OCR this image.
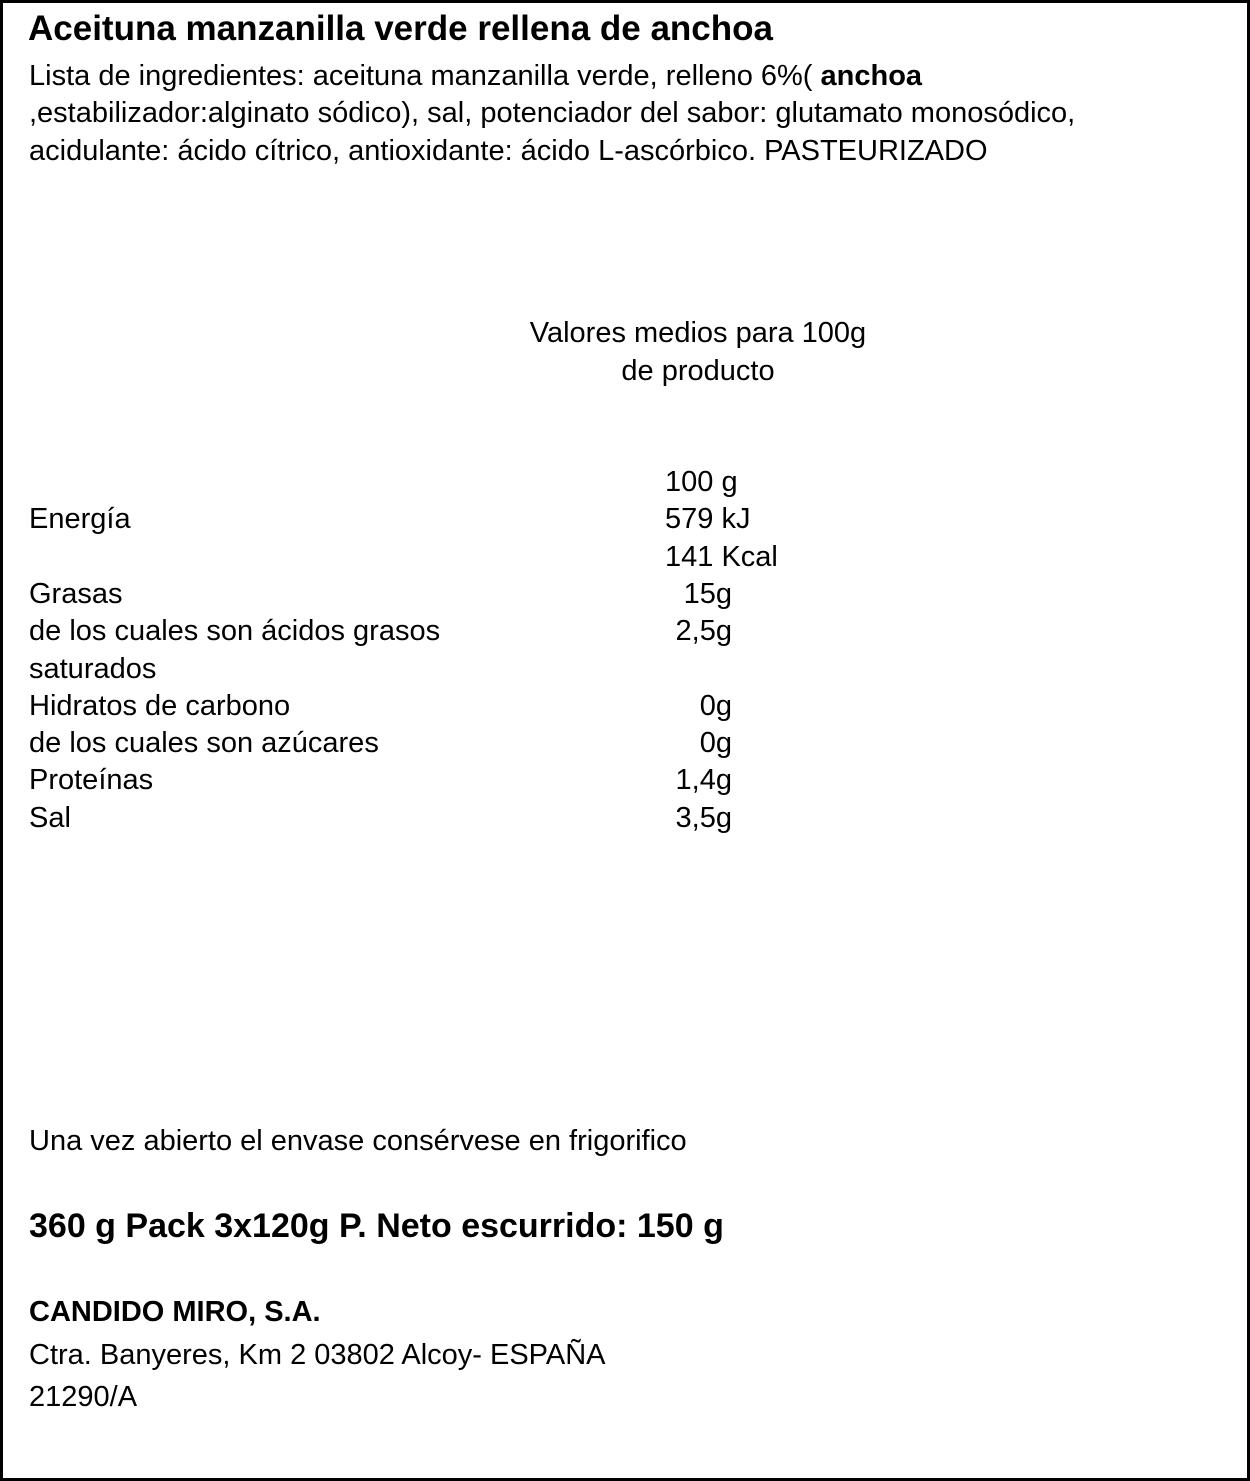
Aceituna manzanilla verde rellena de anchoa
Lista de ingredientes: aceituna manzanilla verde, relleno 6%( anchoa
,estabilizador:alginato sódico), sal, potenciador del sabor: glutamato monosódico,
acidulante: ácido cítrico, antioxidante: ácido L-ascórbico. PASTEURIZADO
Valores medios para 100g
de producto
100 g
Energía	579 kJ
141 Kcal
Grasas	15g
de los cuales son ácidos grasos	2,5g
saturados
Hidratos de carbono	0g
de los cuales son azúcares	0g
Proteínas	1,4g
Sal	3,5g
Una vez abierto el envase consérvese en frigorifico
360 g Pack 3x120g P. Neto escurrido: 150 g
CANDIDO MIRO, S.A.
Ctra. Banyeres, Km 2 03802 Alcoy- ESPAÑA
21290/A
